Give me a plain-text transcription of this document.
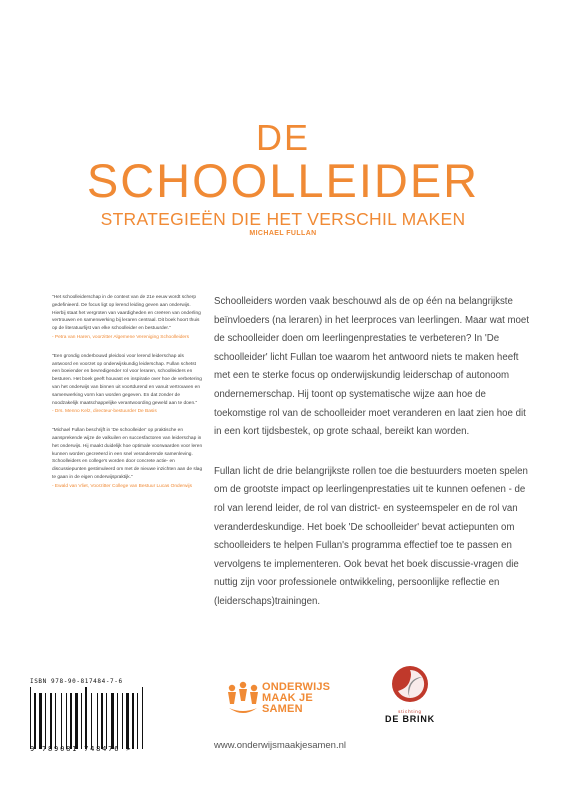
DE
SCHOOLLEIDER
STRATEGIEËN DIE HET VERSCHIL MAKEN
MICHAEL FULLAN
"Het schoolleiderschap in de context van de 21e eeuw wordt scherp gedefinieerd. De focus ligt op lerend leiding geven aan onderwijs. Hierbij staat het vergroten van vaardigheden en creëren van onderling vertrouwen en samenwerking bij leraren centraal. Dit boek hoort thuis op de literatuurlijst van elke schoolleider en bestuurder."
- Petra van Haren, voorzitter Algemene Vereniging Schoolleiders
"Een grondig onderbouwd pleidooi voor lerend leiderschap als antwoord en voorzet op onderwijskundig leiderschap. Fullan schetst een boeiender en bevredigender rol voor leraren, schoolleiders en besturen. Het boek geeft houvast en inspiratie over hoe de verbetering van het onderwijs van binnen uit voortdurend en vanuit vertrouwen en samenwerking vorm kan worden gegeven. En dat zonder de noodzakelijk maatschappelijke verantwoording geweld aan te doen."
- Drs. Menno Kelz, directeur-bestuurder De Basis
"Michael Fullan beschrijft in 'De schoolleider' op praktische en aansprekende wijze de valkuilen en succesfactoren van leiderschap in het onderwijs. Hij maakt duidelijk hoe optimale voorwaarden voor leren kunnen worden gecreëerd in een snel veranderende samenleving. Schoolleiders en college's worden door concrete actie- en discussiepunten gestimuleerd om met de nieuwe inzichten aan de slag te gaan in de eigen onderwijspraktijk."
- Ewald van Vliet, Voorzitter College van Bestuur Lucas Onderwijs

Schoolleiders worden vaak beschouwd als de op één na belangrijkste beïnvloeders (na leraren) in het leerproces van leerlingen. Maar wat moet de schoolleider doen om leerlingenprestaties te verbeteren? In 'De schoolleider' licht Fullan toe waarom het antwoord niets te maken heeft met een te sterke focus op onderwijskundig leiderschap of autonoom ondernemerschap. Hij toont op systematische wijze aan hoe de toekomstige rol van de schoolleider moet veranderen en laat zien hoe dit in een kort tijdsbestek, op grote schaal, bereikt kan worden.

Fullan licht de drie belangrijkste rollen toe die bestuurders moeten spelen om de grootste impact op leerlingenprestaties uit te kunnen oefenen - de rol van lerend leider, de rol van district- en systeemspeler en de rol van veranderdeskundige. Het boek 'De schoolleider' bevat actiepunten om schoolleiders te helpen Fullan's programma effectief toe te passen en vervolgens te implementeren. Ook bevat het boek discussie-vragen die nuttig zijn voor professionele ontwikkeling, persoonlijke reflectie en (leiderschaps)trainingen.

ISBN 978-90-817484-7-6
9 789081 748476 >
ONDERWIJS
MAAK JE
SAMEN	stichting
DE BRINK
www.onderwijsmaakjesamen.nl
